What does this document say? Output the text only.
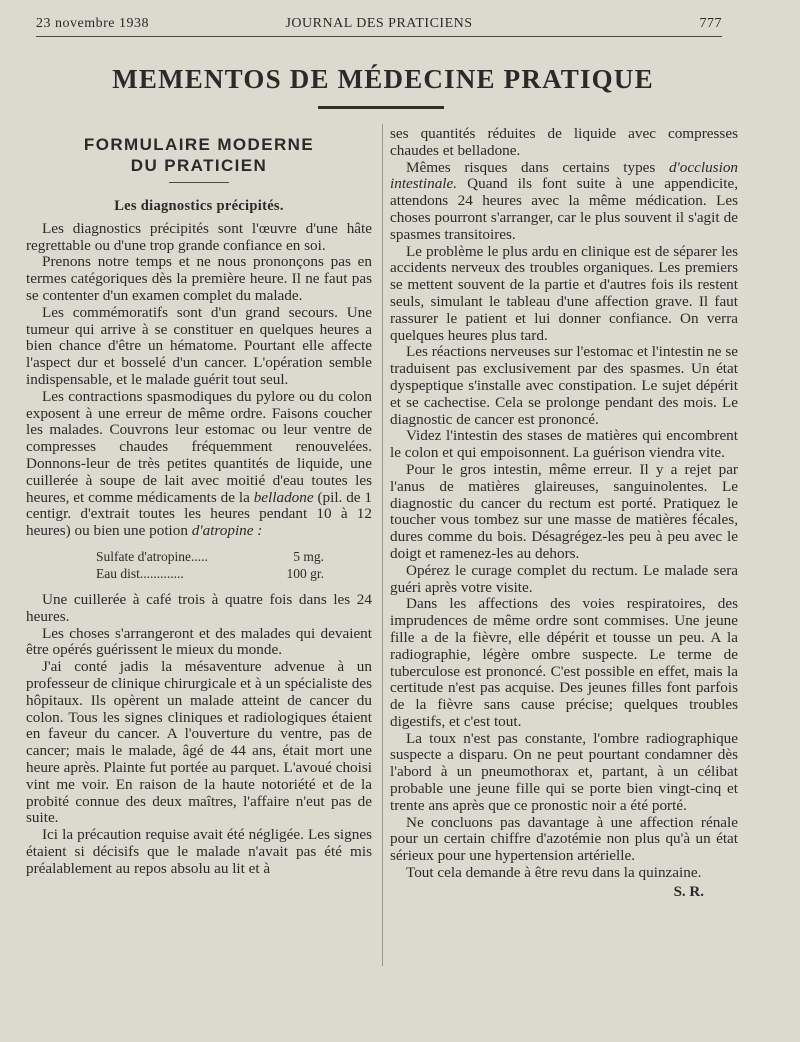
23 novembre 1938	JOURNAL DES PRATICIENS	777
MEMENTOS DE MÉDECINE PRATIQUE
FORMULAIRE MODERNE
DU PRATICIEN
Les diagnostics précipités.

Les diagnostics précipités sont l'œuvre d'une hâte regrettable ou d'une trop grande confiance en soi.

Prenons notre temps et ne nous prononçons pas en termes catégoriques dès la première heure. Il ne faut pas se contenter d'un examen complet du malade.

Les commémoratifs sont d'un grand secours. Une tumeur qui arrive à se constituer en quelques heures a bien chance d'être un hématome. Pourtant elle affecte l'aspect dur et bosselé d'un cancer. L'opération semble indispensable, et le malade guérit tout seul.

Les contractions spasmodiques du pylore ou du colon exposent à une erreur de même ordre. Faisons coucher les malades. Couvrons leur estomac ou leur ventre de compresses chaudes fréquemment renouvelées. Donnons-leur de très petites quantités de liquide, une cuillerée à soupe de lait avec moitié d'eau toutes les heures, et comme médicaments de la belladone (pil. de 1 centigr. d'extrait toutes les heures pendant 10 à 12 heures) ou bien une potion d'atropine :

Sulfate d'atropine.....	5 mg.
Eau dist.............	100 gr.

Une cuillerée à café trois à quatre fois dans les 24 heures.

Les choses s'arrangeront et des malades qui devaient être opérés guérissent le mieux du monde.

J'ai conté jadis la mésaventure advenue à un professeur de clinique chirurgicale et à un spécialiste des hôpitaux. Ils opèrent un malade atteint de cancer du colon. Tous les signes cliniques et radiologiques étaient en faveur du cancer. A l'ouverture du ventre, pas de cancer; mais le malade, âgé de 44 ans, était mort une heure après. Plainte fut portée au parquet. L'avoué choisi vint me voir. En raison de la haute notoriété et de la probité connue des deux maîtres, l'affaire n'eut pas de suite.

Ici la précaution requise avait été négligée. Les signes étaient si décisifs que le malade n'avait pas été mis préalablement au repos absolu au lit et à

ses quantités réduites de liquide avec compresses chaudes et belladone.

Mêmes risques dans certains types d'occlusion intestinale. Quand ils font suite à une appendicite, attendons 24 heures avec la même médication. Les choses pourront s'arranger, car le plus souvent il s'agit de spasmes transitoires.

Le problème le plus ardu en clinique est de séparer les accidents nerveux des troubles organiques. Les premiers se mettent souvent de la partie et d'autres fois ils restent seuls, simulant le tableau d'une affection grave. Il faut rassurer le patient et lui donner confiance. On verra quelques heures plus tard.

Les réactions nerveuses sur l'estomac et l'intestin ne se traduisent pas exclusivement par des spasmes. Un état dyspeptique s'installe avec constipation. Le sujet dépérit et se cachectise. Cela se prolonge pendant des mois. Le diagnostic de cancer est prononcé.

Videz l'intestin des stases de matières qui encombrent le colon et qui empoisonnent. La guérison viendra vite.

Pour le gros intestin, même erreur. Il y a rejet par l'anus de matières glaireuses, sanguinolentes. Le diagnostic du cancer du rectum est porté. Pratiquez le toucher vous tombez sur une masse de matières fécales, dures comme du bois. Désagrégez-les peu à peu avec le doigt et ramenez-les au dehors.

Opérez le curage complet du rectum. Le malade sera guéri après votre visite.

Dans les affections des voies respiratoires, des imprudences de même ordre sont commises. Une jeune fille a de la fièvre, elle dépérit et tousse un peu. A la radiographie, légère ombre suspecte. Le terme de tuberculose est prononcé. C'est possible en effet, mais la certitude n'est pas acquise. Des jeunes filles font parfois de la fièvre sans cause précise; quelques troubles digestifs, et c'est tout.

La toux n'est pas constante, l'ombre radiographique suspecte a disparu. On ne peut pourtant condamner dès l'abord à un pneumothorax et, partant, à un célibat probable une jeune fille qui se porte bien vingt-cinq et trente ans après que ce pronostic noir a été porté.

Ne concluons pas davantage à une affection rénale pour un certain chiffre d'azotémie non plus qu'à un état sérieux pour une hypertension artérielle.

Tout cela demande à être revu dans la quinzaine.

S. R.
